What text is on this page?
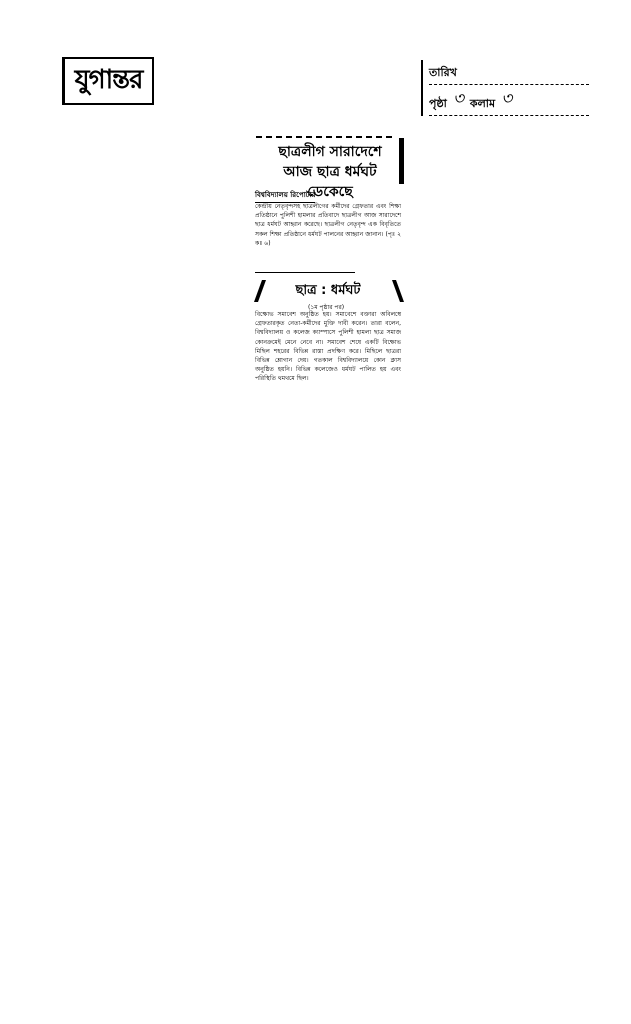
যুগান্তর	তারিখ
পৃষ্ঠা ৩ কলাম ৩
ছাত্রলীগ সারাদেশে আজ ছাত্র ধর্মঘট ডেকেছে
বিশ্ববিদ্যালয় রিপোর্টার
কেন্দ্রীয় নেতৃবৃন্দসহ ছাত্রলীগের কর্মীদের গ্রেফতার এবং শিক্ষা প্রতিষ্ঠানে পুলিশী হামলার প্রতিবাদে ছাত্রলীগ আজ সারাদেশে ছাত্র ধর্মঘট আহ্বান করেছে। ছাত্রলীগ নেতৃবৃন্দ এক বিবৃতিতে সকল শিক্ষা প্রতিষ্ঠানে ধর্মঘট পালনের আহ্বান জানান। (পৃঃ ২ কঃ ৬)
ছাত্র : ধর্মঘট
(১ম পৃষ্ঠার পর)
বিক্ষোভ সমাবেশ অনুষ্ঠিত হয়। সমাবেশে বক্তারা অবিলম্বে গ্রেফতারকৃত নেতা-কর্মীদের মুক্তি দাবী করেন। তারা বলেন, বিশ্ববিদ্যালয় ও কলেজ ক্যাম্পাসে পুলিশী হামলা ছাত্র সমাজ কোনক্রমেই মেনে নেবে না। সমাবেশ শেষে একটি বিক্ষোভ মিছিল শহরের বিভিন্ন রাস্তা প্রদক্ষিণ করে। মিছিলে ছাত্ররা বিভিন্ন শ্লোগান দেয়। গতকাল বিশ্ববিদ্যালয়ে কোন ক্লাস অনুষ্ঠিত হয়নি। বিভিন্ন কলেজেও ধর্মঘট পালিত হয় এবং পরিস্থিতি থমথমে ছিল।
